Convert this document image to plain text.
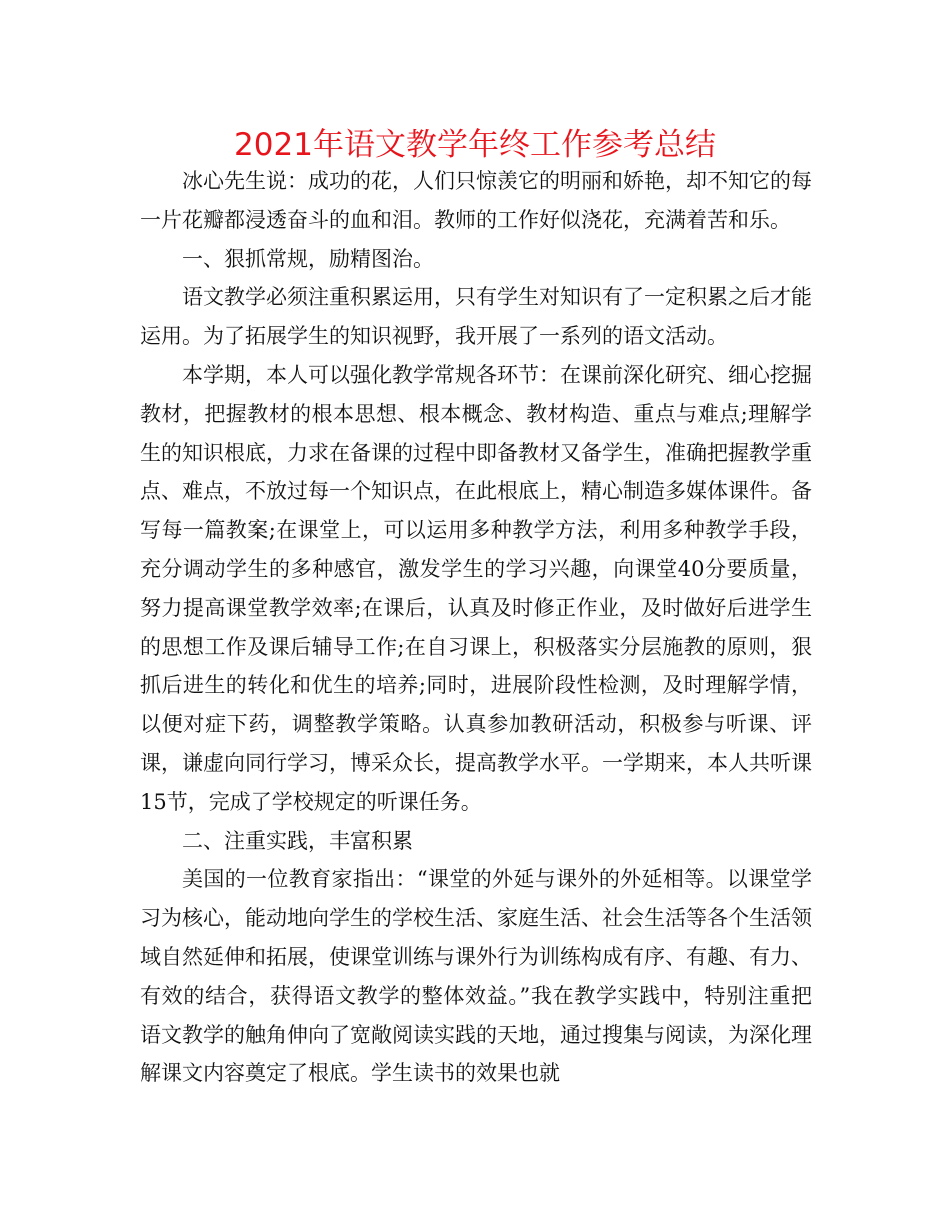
2021年语文教学年终工作参考总结

冰心先生说：成功的花，人们只惊羡它的明丽和娇艳，却不知它的每一片花瓣都浸透奋斗的血和泪。教师的工作好似浇花，充满着苦和乐。

一、狠抓常规，励精图治。

语文教学必须注重积累运用，只有学生对知识有了一定积累之后才能运用。为了拓展学生的知识视野，我开展了一系列的语文活动。

本学期，本人可以强化教学常规各环节：在课前深化研究、细心挖掘教材，把握教材的根本思想、根本概念、教材构造、重点与难点;理解学生的知识根底，力求在备课的过程中即备教材又备学生，准确把握教学重点、难点，不放过每一个知识点，在此根底上，精心制造多媒体课件。备写每一篇教案;在课堂上，可以运用多种教学方法，利用多种教学手段，充分调动学生的多种感官，激发学生的学习兴趣，向课堂40分要质量，努力提高课堂教学效率;在课后，认真及时修正作业，及时做好后进学生的思想工作及课后辅导工作;在自习课上，积极落实分层施教的原则，狠抓后进生的转化和优生的培养;同时，进展阶段性检测，及时理解学情，以便对症下药，调整教学策略。认真参加教研活动，积极参与听课、评课，谦虚向同行学习，博采众长，提高教学水平。一学期来，本人共听课15节，完成了学校规定的听课任务。

二、注重实践，丰富积累

美国的一位教育家指出：“课堂的外延与课外的外延相等。以课堂学习为核心，能动地向学生的学校生活、家庭生活、社会生活等各个生活领域自然延伸和拓展，使课堂训练与课外行为训练构成有序、有趣、有力、有效的结合，获得语文教学的整体效益。”我在教学实践中，特别注重把语文教学的触角伸向了宽敞阅读实践的天地，通过搜集与阅读，为深化理解课文内容奠定了根底。学生读书的效果也就
